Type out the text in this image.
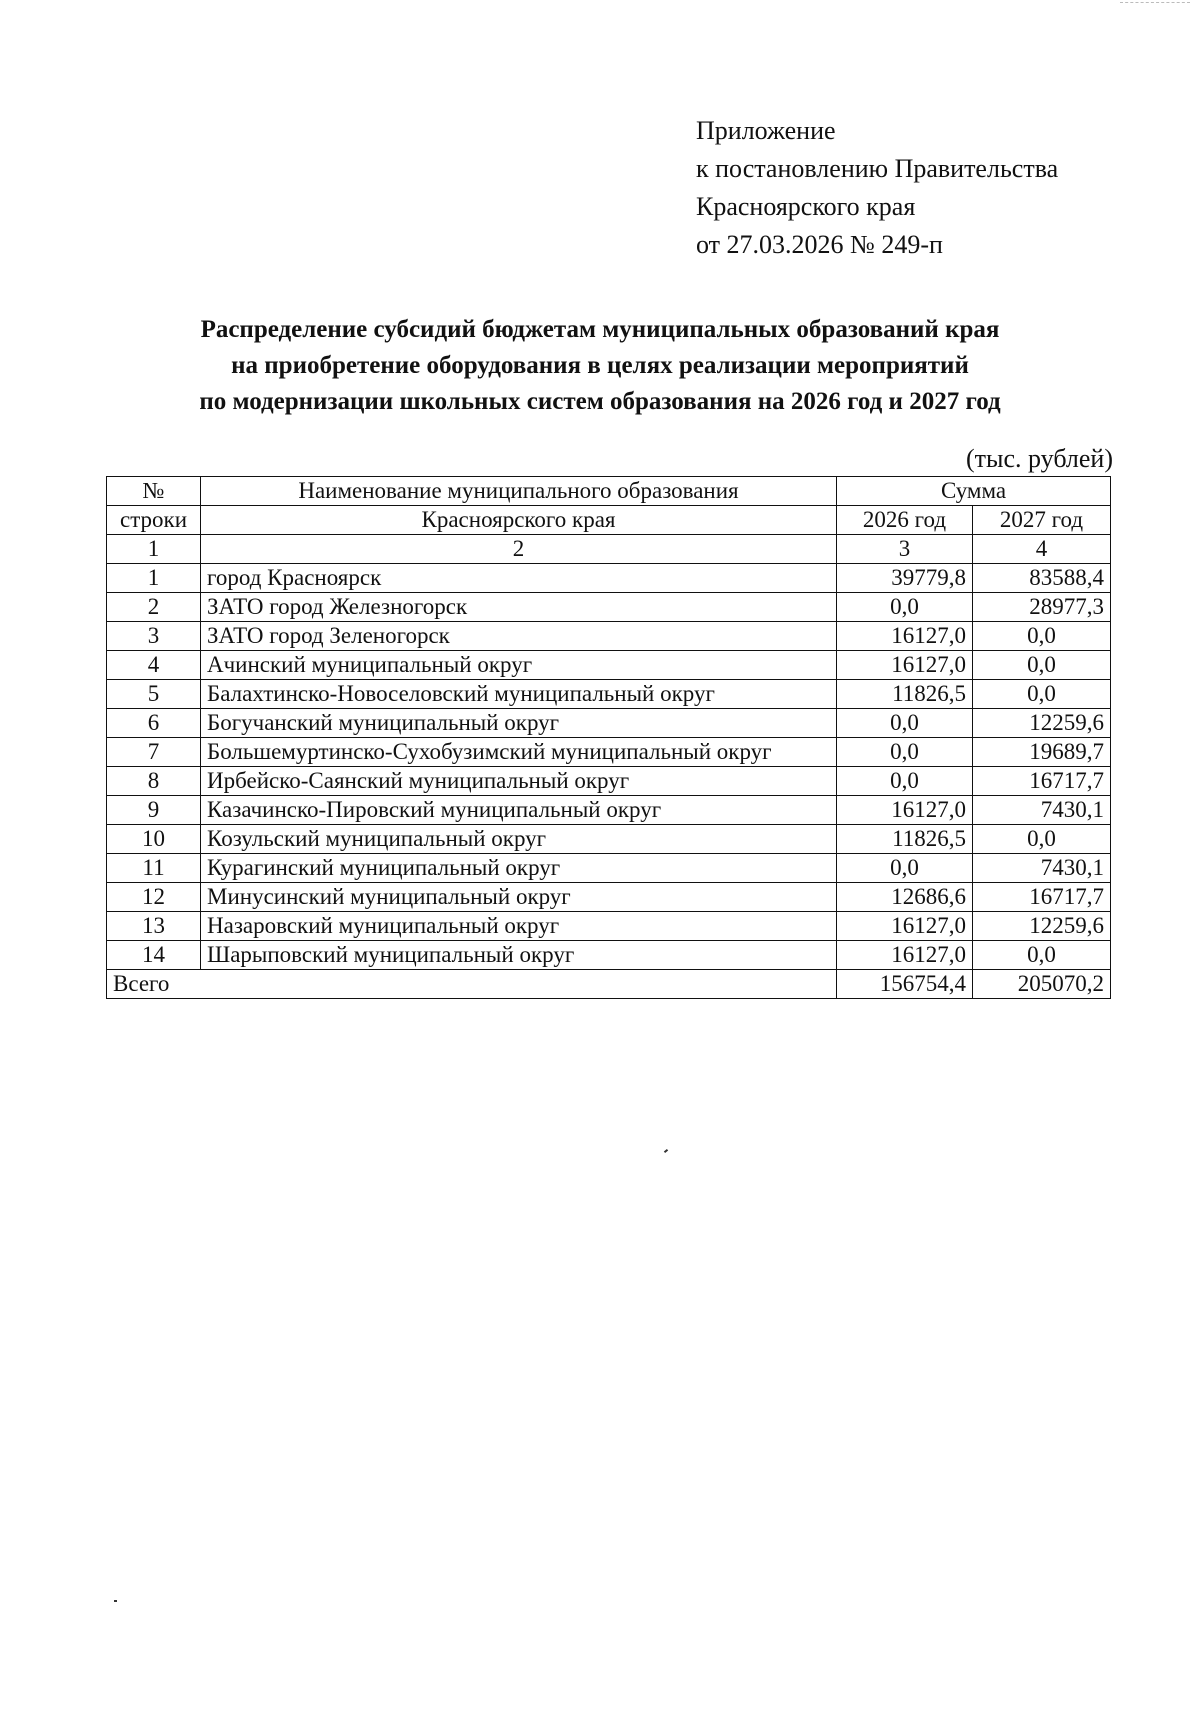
Приложение
к постановлению Правительства
Красноярского края
от 27.03.2026 № 249-п
Распределение субсидий бюджетам муниципальных образований края
на приобретение оборудования в целях реализации мероприятий
по модернизации школьных систем образования на 2026 год и 2027 год
(тыс. рублей)
№	Наименование муниципального образования	Сумма	
строки	Красноярского края	2026 год	2027 год
1	2	3	4
1	город Красноярск	39779,8	83588,4
2	ЗАТО город Железногорск	0,0	28977,3
3	ЗАТО город Зеленогорск	16127,0	0,0
4	Ачинский муниципальный округ	16127,0	0,0
5	Балахтинско-Новоселовский муниципальный округ	11826,5	0,0
6	Богучанский муниципальный округ	0,0	12259,6
7	Большемуртинско-Сухобузимский муниципальный округ	0,0	19689,7
8	Ирбейско-Саянский муниципальный округ	0,0	16717,7
9	Казачинско-Пировский муниципальный округ	16127,0	7430,1
10	Козульский муниципальный округ	11826,5	0,0
11	Курагинский муниципальный округ	0,0	7430,1
12	Минусинский муниципальный округ	12686,6	16717,7
13	Назаровский муниципальный округ	16127,0	12259,6
14	Шарыповский муниципальный округ	16127,0	0,0
Всего		156754,4	205070,2
